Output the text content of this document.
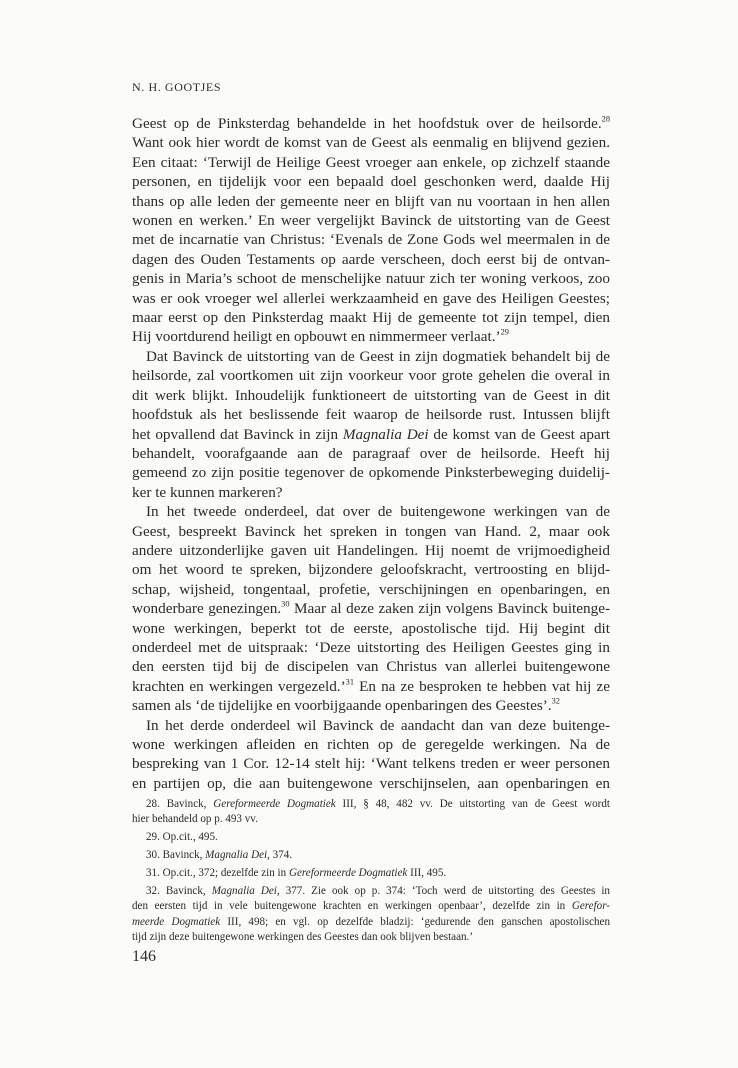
N. H. GOOTJES
Geest op de Pinksterdag behandelde in het hoofdstuk over de heilsorde.$^{28}$
Want ook hier wordt de komst van de Geest als eenmalig en blijvend gezien.
Een citaat: ‘Terwijl de Heilige Geest vroeger aan enkele, op zichzelf staande
personen, en tijdelijk voor een bepaald doel geschonken werd, daalde Hij
thans op alle leden der gemeente neer en blijft van nu voortaan in hen allen
wonen en werken.’ En weer vergelijkt Bavinck de uitstorting van de Geest
met de incarnatie van Christus: ‘Evenals de Zone Gods wel meermalen in de
dagen des Ouden Testaments op aarde verscheen, doch eerst bij de ontvan-
genis in Maria’s schoot de menschelijke natuur zich ter woning verkoos, zoo
was er ook vroeger wel allerlei werkzaamheid en gave des Heiligen Geestes;
maar eerst op den Pinksterdag maakt Hij de gemeente tot zijn tempel, dien
Hij voortdurend heiligt en opbouwt en nimmermeer verlaat.’$^{29}$
Dat Bavinck de uitstorting van de Geest in zijn dogmatiek behandelt bij de
heilsorde, zal voortkomen uit zijn voorkeur voor grote gehelen die overal in
dit werk blijkt. Inhoudelijk funktioneert de uitstorting van de Geest in dit
hoofdstuk als het beslissende feit waarop de heilsorde rust. Intussen blijft
het opvallend dat Bavinck in zijn Magnalia Dei de komst van de Geest apart
behandelt, voorafgaande aan de paragraaf over de heilsorde. Heeft hij
gemeend zo zijn positie tegenover de opkomende Pinksterbeweging duidelij-
ker te kunnen markeren?
In het tweede onderdeel, dat over de buitengewone werkingen van de
Geest, bespreekt Bavinck het spreken in tongen van Hand. 2, maar ook
andere uitzonderlijke gaven uit Handelingen. Hij noemt de vrijmoedigheid
om het woord te spreken, bijzondere geloofskracht, vertroosting en blijd-
schap, wijsheid, tongentaal, profetie, verschijningen en openbaringen, en
wonderbare genezingen.$^{30}$ Maar al deze zaken zijn volgens Bavinck buitenge-
wone werkingen, beperkt tot de eerste, apostolische tijd. Hij begint dit
onderdeel met de uitspraak: ‘Deze uitstorting des Heiligen Geestes ging in
den eersten tijd bij de discipelen van Christus van allerlei buitengewone
krachten en werkingen vergezeld.’$^{31}$ En na ze besproken te hebben vat hij ze
samen als ‘de tijdelijke en voorbijgaande openbaringen des Geestes’.$^{32}$
In het derde onderdeel wil Bavinck de aandacht dan van deze buitenge-
wone werkingen afleiden en richten op de geregelde werkingen. Na de
bespreking van 1 Cor. 12-14 stelt hij: ‘Want telkens treden er weer personen
en partijen op, die aan buitengewone verschijnselen, aan openbaringen en
28. Bavinck, Gereformeerde Dogmatiek III, § 48, 482 vv. De uitstorting van de Geest wordt
hier behandeld op p. 493 vv.
29. Op.cit., 495.
30. Bavinck, Magnalia Dei, 374.
31. Op.cit., 372; dezelfde zin in Gereformeerde Dogmatiek III, 495.
32. Bavinck, Magnalia Dei, 377. Zie ook op p. 374: ‘Toch werd de uitstorting des Geestes in
den eersten tijd in vele buitengewone krachten en werkingen openbaar’, dezelfde zin in Gerefor-
meerde Dogmatiek III, 498; en vgl. op dezelfde bladzij: ‘gedurende den ganschen apostolischen
tijd zijn deze buitengewone werkingen des Geestes dan ook blijven bestaan.’
146
